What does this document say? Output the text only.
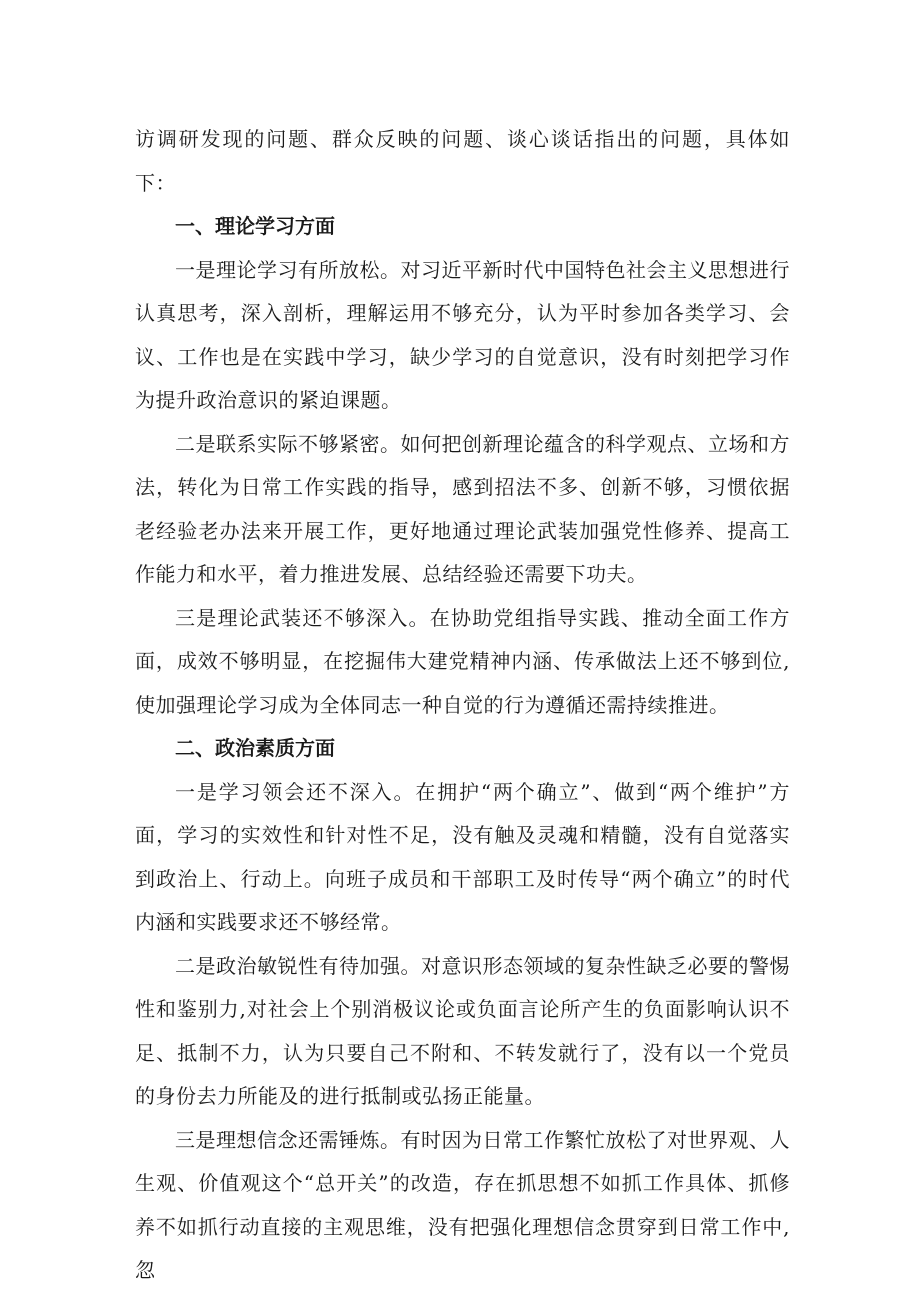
访调研发现的问题、群众反映的问题、谈心谈话指出的问题，具体如下：

一、理论学习方面

一是理论学习有所放松。对习近平新时代中国特色社会主义思想进行认真思考，深入剖析，理解运用不够充分，认为平时参加各类学习、会议、工作也是在实践中学习，缺少学习的自觉意识，没有时刻把学习作为提升政治意识的紧迫课题。

二是联系实际不够紧密。如何把创新理论蕴含的科学观点、立场和方法，转化为日常工作实践的指导，感到招法不多、创新不够，习惯依据老经验老办法来开展工作，更好地通过理论武装加强党性修养、提高工作能力和水平，着力推进发展、总结经验还需要下功夫。

三是理论武装还不够深入。在协助党组指导实践、推动全面工作方面，成效不够明显，在挖掘伟大建党精神内涵、传承做法上还不够到位,使加强理论学习成为全体同志一种自觉的行为遵循还需持续推进。

二、政治素质方面

一是学习领会还不深入。在拥护“两个确立”、做到“两个维护”方面，学习的实效性和针对性不足，没有触及灵魂和精髓，没有自觉落实到政治上、行动上。向班子成员和干部职工及时传导“两个确立”的时代内涵和实践要求还不够经常。

二是政治敏锐性有待加强。对意识形态领域的复杂性缺乏必要的警惕性和鉴别力,对社会上个别消极议论或负面言论所产生的负面影响认识不足、抵制不力，认为只要自己不附和、不转发就行了，没有以一个党员的身份去力所能及的进行抵制或弘扬正能量。

三是理想信念还需锤炼。有时因为日常工作繁忙放松了对世界观、人生观、价值观这个“总开关”的改造，存在抓思想不如抓工作具体、抓修养不如抓行动直接的主观思维，没有把强化理想信念贯穿到日常工作中,忽
